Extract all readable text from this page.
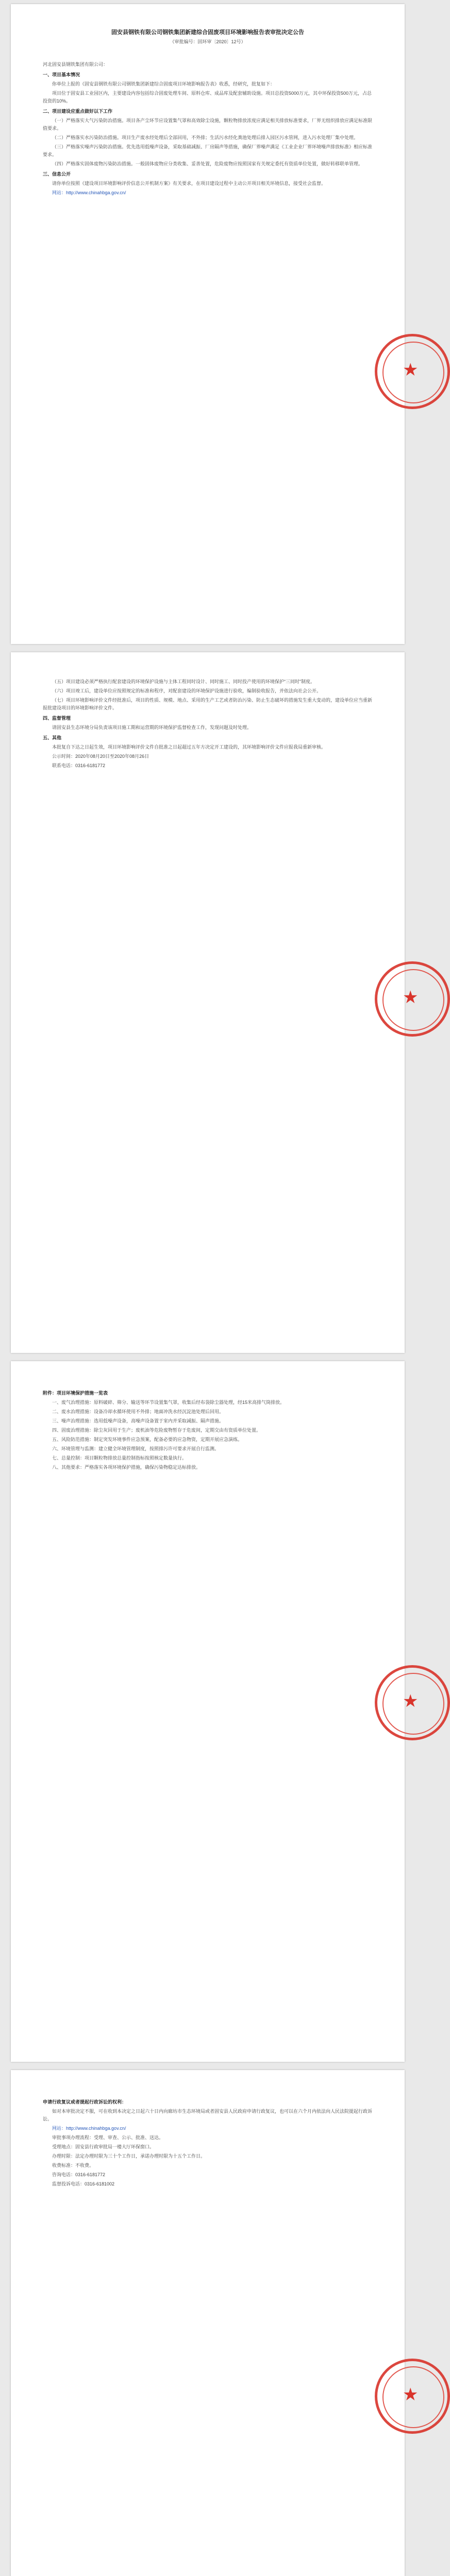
★
固安县钢铁有限公司钢铁集团新建综合固废项目环境影响报告表审批决定公告
（审批编号：固环审〔2020〕12号）

河北固安县钢铁集团有限公司：

一、项目基本情况

你单位上报的《固安县钢铁有限公司钢铁集团新建综合固废项目环境影响报告表》收悉，经研究，批复如下：

项目位于固安县工业园区内，主要建设内容包括综合固废处理车间、原料仓库、成品库及配套辅助设施。项目总投资5000万元，其中环保投资500万元，占总投资的10%。

二、项目建设应重点做好以下工作

（一）严格落实大气污染防治措施。项目各产尘环节应设置集气罩和高效除尘设施，颗粒物排放浓度应满足相关排放标准要求，厂界无组织排放应满足标准限值要求。

（二）严格落实水污染防治措施。项目生产废水经处理后全部回用，不外排；生活污水经化粪池处理后排入园区污水管网，进入污水处理厂集中处理。

（三）严格落实噪声污染防治措施。优先选用低噪声设备，采取基础减振、厂房隔声等措施，确保厂界噪声满足《工业企业厂界环境噪声排放标准》相应标准要求。

（四）严格落实固体废物污染防治措施。一般固体废物应分类收集、妥善处置，危险废物应按照国家有关规定委托有资质单位处置，做好转移联单管理。

三、信息公开

请你单位按照《建设项目环境影响评价信息公开机制方案》有关要求，在项目建设过程中主动公开项目相关环境信息，接受社会监督。

网站：http://www.chinahbga.gov.cn/

★

（五）项目建设必须严格执行配套建设的环境保护设施与主体工程同时设计、同时施工、同时投产使用的环境保护“三同时”制度。

（六）项目竣工后，建设单位应按照规定的标准和程序，对配套建设的环境保护设施进行验收，编制验收报告，并依法向社会公开。

（七）项目环境影响评价文件经批准后，项目的性质、规模、地点、采用的生产工艺或者防治污染、防止生态破坏的措施发生重大变动的，建设单位应当重新报批建设项目的环境影响评价文件。

四、监督管理

请固安县生态环境分局负责该项目施工期和运营期的环境保护监督检查工作，发现问题及时处理。

五、其他

本批复自下达之日起生效，项目环境影响评价文件自批准之日起超过五年方决定开工建设的，其环境影响评价文件应报我局重新审核。

公示时间：2020年08月20日至2020年08月26日

联系电话：0316-6181772

★

附件：项目环境保护措施一览表

一、废气治理措施：原料破碎、筛分、输送等环节设置集气罩，收集后经布袋除尘器处理，经15米高排气筒排放。

二、废水治理措施：设备冷却水循环使用不外排；地面冲洗水经沉淀池处理后回用。

三、噪声治理措施：选用低噪声设备，高噪声设备置于室内并采取减振、隔声措施。

四、固废治理措施：除尘灰回用于生产；废机油等危险废物暂存于危废间，定期交由有资质单位处置。

五、风险防范措施：制定突发环境事件应急预案，配备必要的应急物资，定期开展应急演练。

六、环境管理与监测：建立健全环境管理制度，按照排污许可要求开展自行监测。

七、总量控制：项目颗粒物排放总量控制指标按照核定数量执行。

八、其他要求：严格落实各项环境保护措施，确保污染物稳定达标排放。

★

申请行政复议或者提起行政诉讼的权利：

如对本审批决定不服，可在收到本决定之日起六十日内向廊坊市生态环境局或者固安县人民政府申请行政复议，也可以在六个月内依法向人民法院提起行政诉讼。

网站：http://www.chinahbga.gov.cn/

审批事项办理流程：受理、审查、公示、批准、送达。

受理地点：固安县行政审批局一楼大厅环保窗口。

办理时限：法定办理时限为三十个工作日，承诺办理时限为十五个工作日。

收费标准：不收费。

咨询电话：0316-6181772

监督投诉电话：0316-6181002
